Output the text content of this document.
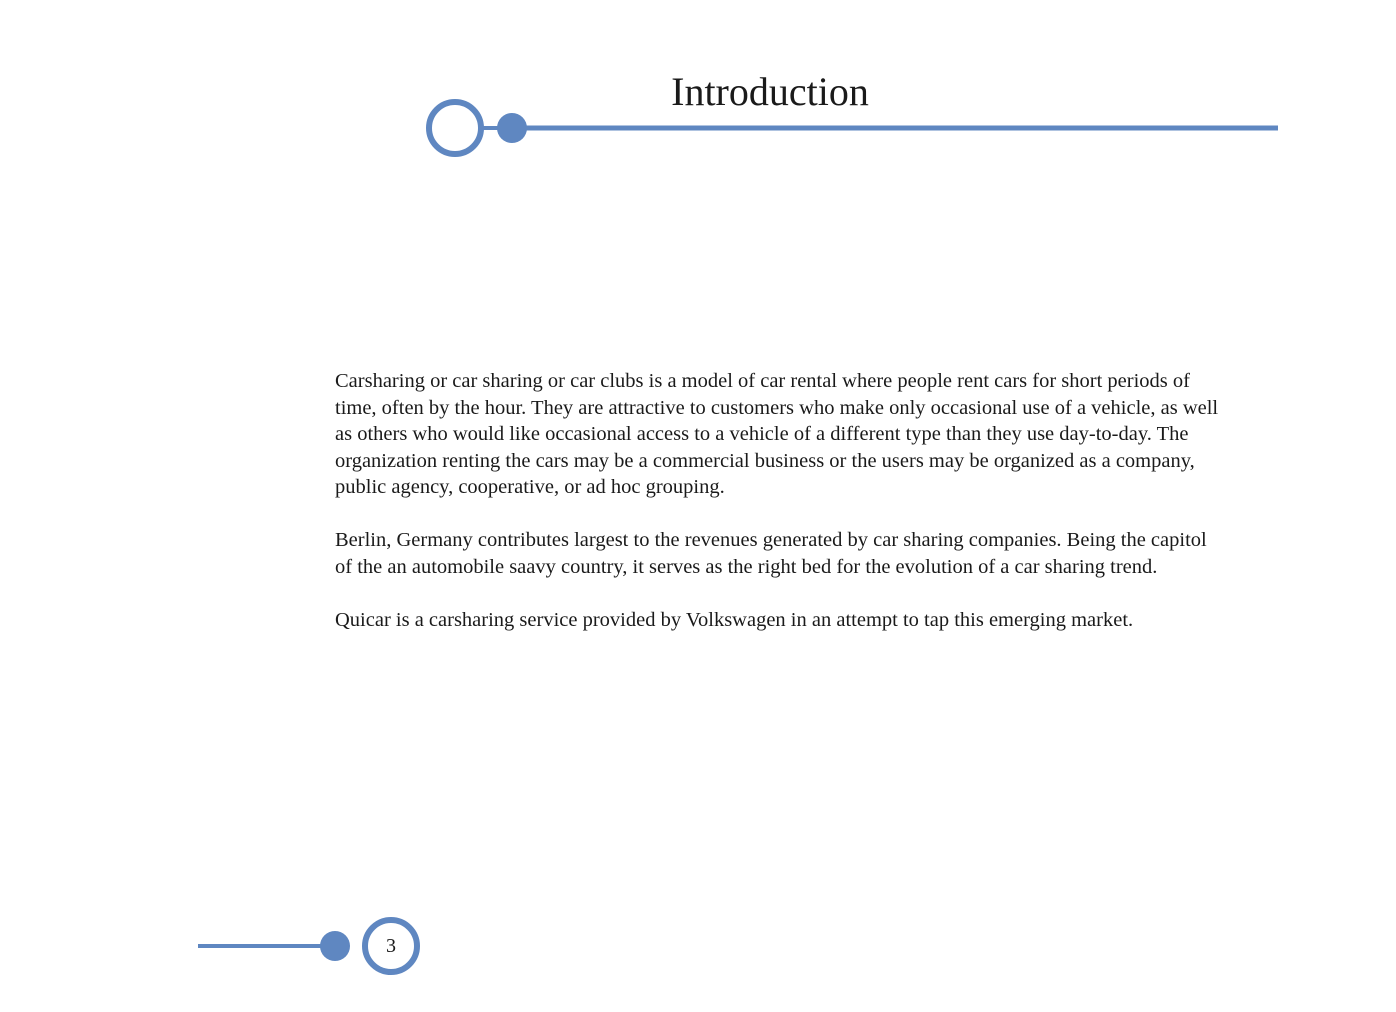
Introduction

Carsharing or car sharing or car clubs is a model of car rental where people rent cars for short periods of time, often by the hour. They are attractive to customers who make only occasional use of a vehicle, as well as others who would like occasional access to a vehicle of a different type than they use day-to-day. The organization renting the cars may be a commercial business or the users may be organized as a company, public agency, cooperative, or ad hoc grouping.

Berlin, Germany contributes largest to the revenues generated by car sharing companies. Being the capitol of the an automobile saavy country, it serves as the right bed for the evolution of a car sharing trend.

Quicar is a carsharing service provided by Volkswagen in an attempt to tap this emerging market.

3
